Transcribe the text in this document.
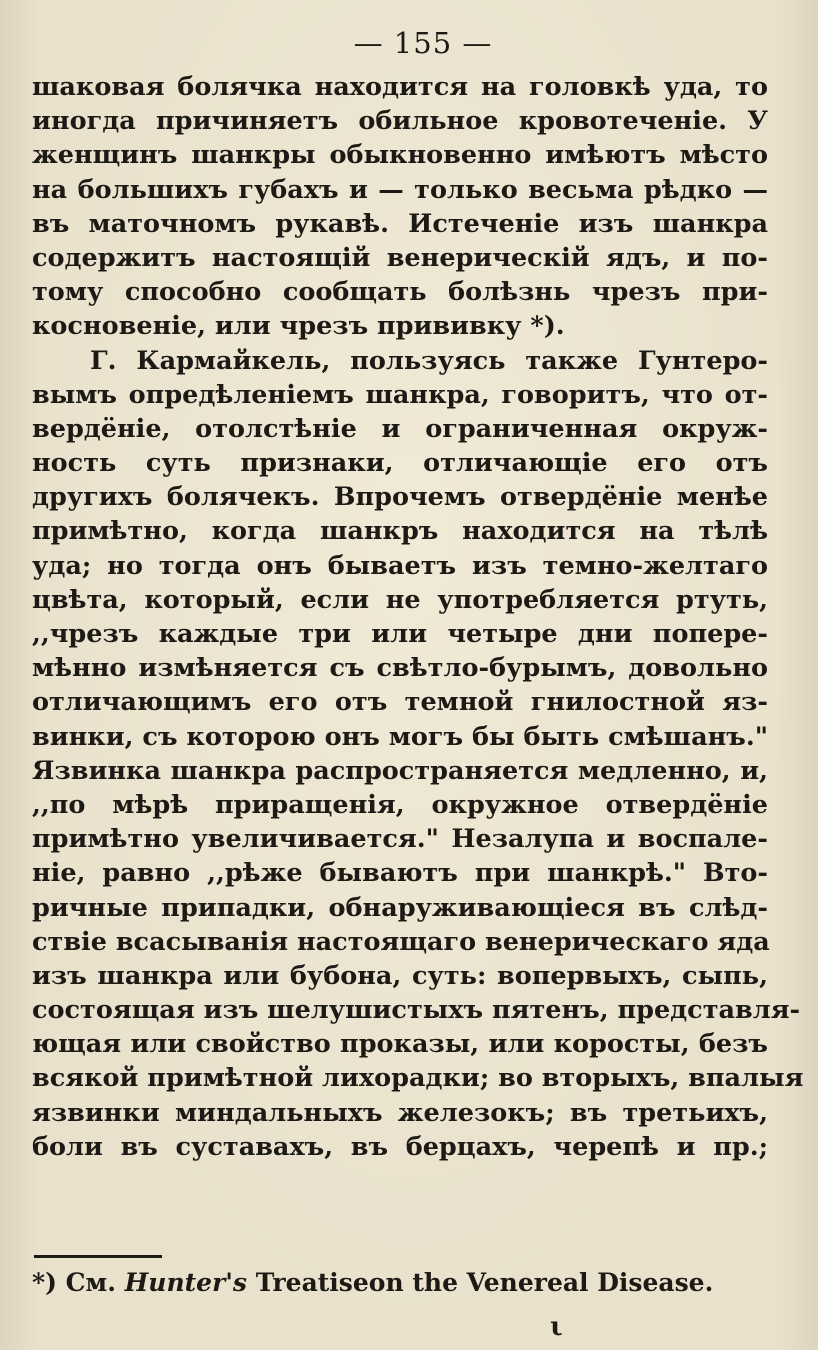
— 155 —
шаковая болячка находится на головкѣ уда, то
иногда причиняетъ обильное кровотеченіе. У
женщинъ шанкры обыкновенно имѣютъ мѣсто
на большихъ губахъ и — только весьма рѣдко —
въ маточномъ рукавѣ. Истеченіе изъ шанкра
содержитъ настоящій венерическій ядъ, и по-
тому способно сообщать болѣзнь чрезъ при-
косновеніе, или чрезъ прививку *).
Г. Кармайкель, пользуясь также Гунтеро-
вымъ опредѣленіемъ шанкра, говоритъ, что от-
вердёніе, отолстѣніе и ограниченная окруж-
ность суть признаки, отличающіе его отъ
другихъ болячекъ. Впрочемъ отвердёніе менѣе
примѣтно, когда шанкръ находится на тѣлѣ
уда; но тогда онъ бываетъ изъ темно-желтаго
цвѣта, который, если не употребляется ртуть,
,,чрезъ каждые три или четыре дни попере-
мѣнно измѣняется съ свѣтло-бурымъ, довольно
отличающимъ его отъ темной гнилостной яз-
винки, съ которою онъ могъ бы быть смѣшанъ."
Язвинка шанкра распространяется медленно, и,
,,по мѣрѣ приращенія, окружное отвердёніе
примѣтно увеличивается." Незалупа и воспале-
ніе, равно ,,рѣже бываютъ при шанкрѣ." Вто-
ричные припадки, обнаруживающіеся въ слѣд-
ствіе всасыванія настоящаго венерическаго яда
изъ шанкра или бубона, суть: вопервыхъ, сыпь,
состоящая изъ шелушистыхъ пятенъ, представля-
ющая или свойство проказы, или коросты, безъ
всякой примѣтной лихорадки; во вторыхъ, впалыя
язвинки миндальныхъ железокъ; въ третьихъ,
боли въ суставахъ, въ берцахъ, черепѣ и пр.;
*) См. Hunter's Treatiseon the Venereal Disease.
ι
